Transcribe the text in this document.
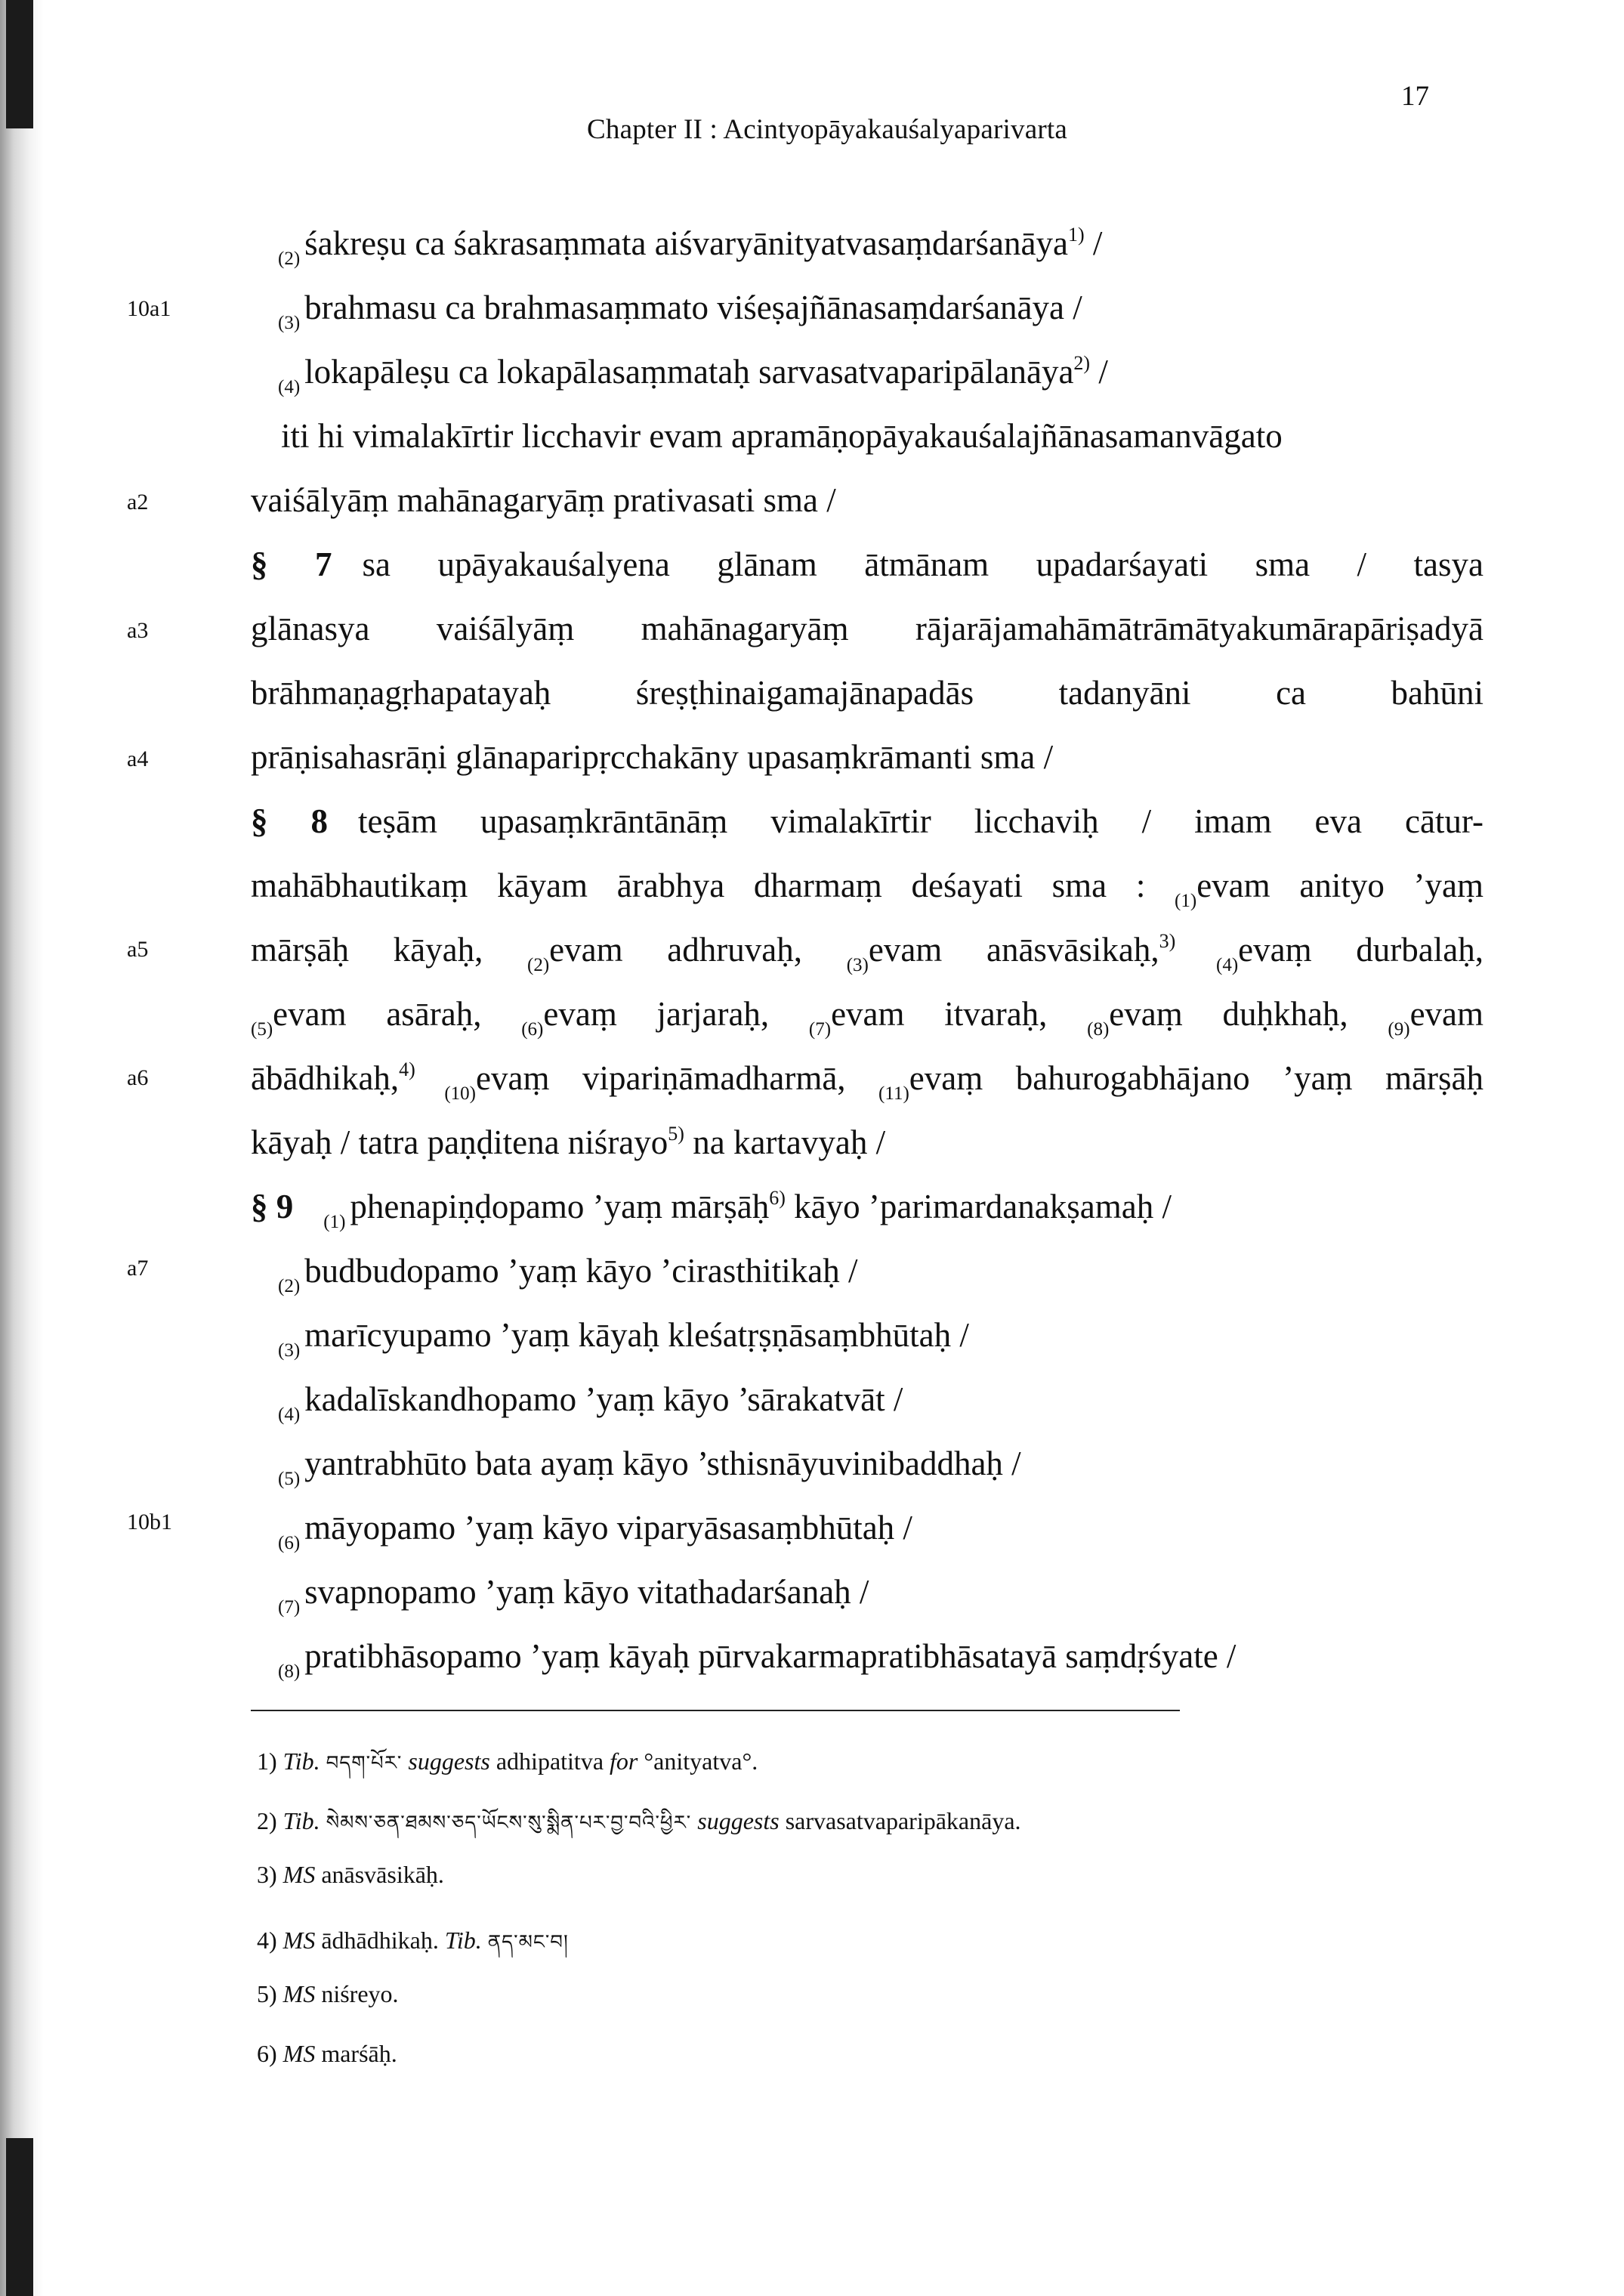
Chapter II : Acintyopāyakauśalyaparivarta
17
10a1
a2
a3
a4
a5
a6
a7
10b1
$_{(2)}$ śakreṣu ca śakrasaṃmata aiśvaryānityatvasaṃdarśanāya$^{1)}$ /
$_{(3)}$ brahmasu ca brahmasaṃmato viśeṣajñānasaṃdarśanāya /
$_{(4)}$ lokapāleṣu ca lokapālasaṃmataḥ sarvasatvaparipālanāya$^{2)}$ /
iti hi vimalakīrtir licchavir evam apramāṇopāyakauśalajñānasamanvāgato
vaiśālyāṃ mahānagaryāṃ prativasati sma /
§ 7 sa upāyakauśalyena glānam ātmānam upadarśayati sma / tasya
glānasya vaiśālyāṃ mahānagaryāṃ rājarājamahāmātrāmātyakumārapāriṣadyā
brāhmaṇagṛhapatayaḥ śreṣṭhinaigamajānapadās tadanyāni ca bahūni
prāṇisahasrāṇi glānaparipṛcchakāny upasaṃkrāmanti sma /
§ 8 teṣām upasaṃkrāntānāṃ vimalakīrtir licchaviḥ / imam eva cātur-
mahābhautikaṃ kāyam ārabhya dharmaṃ deśayati sma : $_{(1)}$evam anityo ’yaṃ
mārṣāḥ kāyaḥ, $_{(2)}$evam adhruvaḥ, $_{(3)}$evam anāsvāsikaḥ,$^{3)}$ $_{(4)}$evaṃ durbalaḥ,
$_{(5)}$evam asāraḥ, $_{(6)}$evaṃ jarjaraḥ, $_{(7)}$evam itvaraḥ, $_{(8)}$evaṃ duḥkhaḥ, $_{(9)}$evam
ābādhikaḥ,$^{4)}$ $_{(10)}$evaṃ vipariṇāmadharmā, $_{(11)}$evaṃ bahurogabhājano ’yaṃ mārṣāḥ
kāyaḥ / tatra paṇḍitena niśrayo$^{5)}$ na kartavyaḥ /
§ 9 $_{(1)}$ phenapiṇḍopamo ’yaṃ mārṣāḥ$^{6)}$ kāyo ’parimardanakṣamaḥ /
$_{(2)}$ budbudopamo ’yaṃ kāyo ’cirasthitikaḥ /
$_{(3)}$ marīcyupamo ’yaṃ kāyaḥ kleśatṛṣṇāsaṃbhūtaḥ /
$_{(4)}$ kadalīskandhopamo ’yaṃ kāyo ’sārakatvāt /
$_{(5)}$ yantrabhūto bata ayaṃ kāyo ’sthisnāyuvinibaddhaḥ /
$_{(6)}$ māyopamo ’yaṃ kāyo viparyāsasaṃbhūtaḥ /
$_{(7)}$ svapnopamo ’yaṃ kāyo vitathadarśanaḥ /
$_{(8)}$ pratibhāsopamo ’yaṃ kāyaḥ pūrvakarmapratibhāsatayā saṃdṛśyate /
1) Tib. བདག་པོར་ suggests adhipatitva for °anityatva°.
2) Tib. སེམས་ཅན་ཐམས་ཅད་ཡོངས་སུ་སྨིན་པར་བྱ་བའི་ཕྱིར་ suggests sarvasatvaparipākanāya.
3) MS anāsvāsikāḥ.
4) MS ādhādhikaḥ. Tib. ནད་མང་བ།
5) MS niśreyo.
6) MS marśāḥ.
